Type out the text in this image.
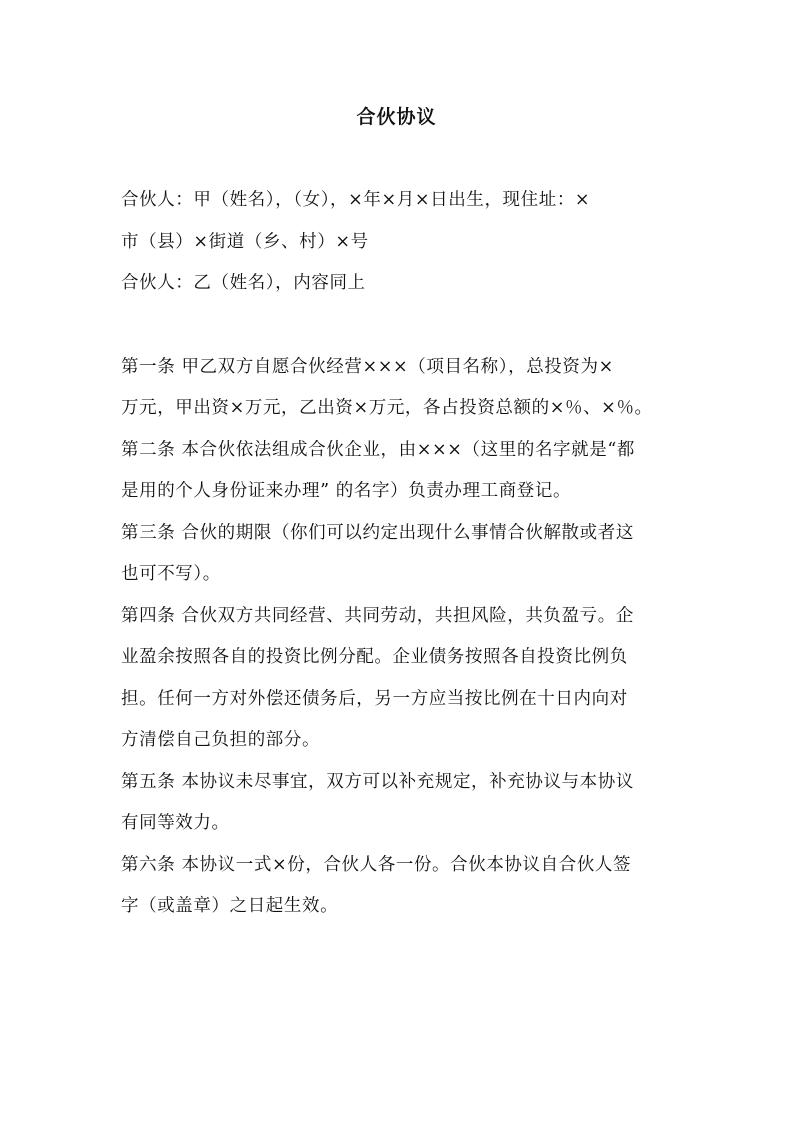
合伙协议
合伙人：甲（姓名），（女），×年×月×日出生，现住址：×
市（县）×街道（乡、村）×号
合伙人：乙（姓名），内容同上
第一条 甲乙双方自愿合伙经营×××（项目名称），总投资为×
万元，甲出资×万元，乙出资×万元，各占投资总额的×％、×％。
第二条 本合伙依法组成合伙企业，由×××（这里的名字就是“都
是用的个人身份证来办理” 的名字）负责办理工商登记。
第三条 合伙的期限（你们可以约定出现什么事情合伙解散或者这
也可不写）。
第四条 合伙双方共同经营、共同劳动，共担风险，共负盈亏。企
业盈余按照各自的投资比例分配。企业债务按照各自投资比例负
担。任何一方对外偿还债务后，另一方应当按比例在十日内向对
方清偿自己负担的部分。
第五条 本协议未尽事宜，双方可以补充规定，补充协议与本协议
有同等效力。
第六条 本协议一式×份，合伙人各一份。合伙本协议自合伙人签
字（或盖章）之日起生效。
